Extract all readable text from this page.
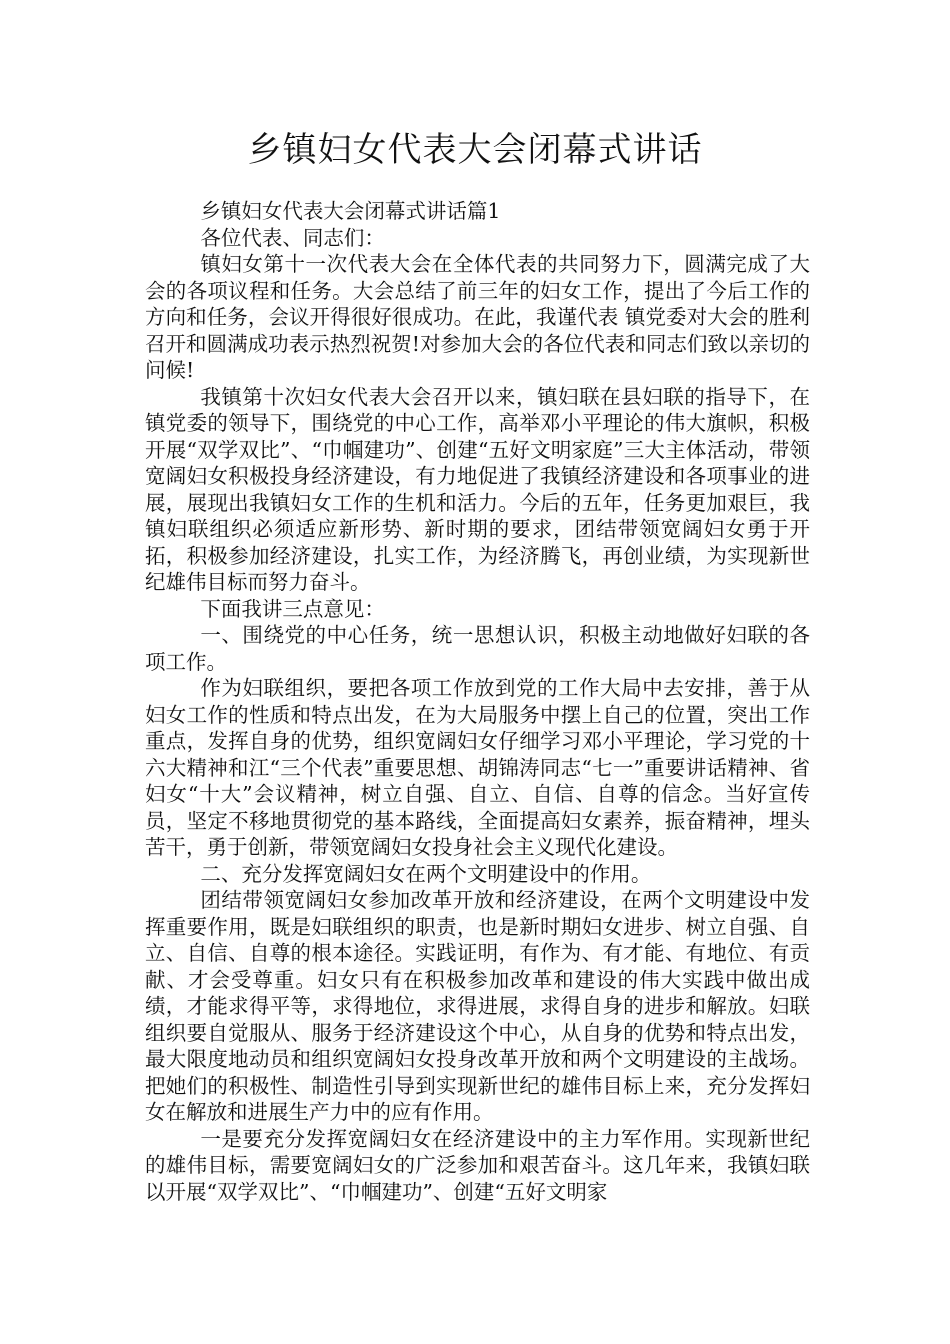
乡镇妇女代表大会闭幕式讲话

乡镇妇女代表大会闭幕式讲话篇1

各位代表、同志们：

镇妇女第十一次代表大会在全体代表的共同努力下，圆满完成了大会的各项议程和任务。大会总结了前三年的妇女工作，提出了今后工作的方向和任务，会议开得很好很成功。在此，我谨代表 镇党委对大会的胜利召开和圆满成功表示热烈祝贺!对参加大会的各位代表和同志们致以亲切的问候!

我镇第十次妇女代表大会召开以来，镇妇联在县妇联的指导下，在镇党委的领导下，围绕党的中心工作，高举邓小平理论的伟大旗帜，积极开展“双学双比”、“巾帼建功”、创建“五好文明家庭”三大主体活动，带领宽阔妇女积极投身经济建设，有力地促进了我镇经济建设和各项事业的进展，展现出我镇妇女工作的生机和活力。今后的五年，任务更加艰巨，我镇妇联组织必须适应新形势、新时期的要求，团结带领宽阔妇女勇于开拓，积极参加经济建设，扎实工作，为经济腾飞，再创业绩，为实现新世纪雄伟目标而努力奋斗。

下面我讲三点意见：

一、围绕党的中心任务，统一思想认识，积极主动地做好妇联的各项工作。

作为妇联组织，要把各项工作放到党的工作大局中去安排，善于从妇女工作的性质和特点出发，在为大局服务中摆上自己的位置，突出工作重点，发挥自身的优势，组织宽阔妇女仔细学习邓小平理论，学习党的十六大精神和江“三个代表”重要思想、胡锦涛同志“七一”重要讲话精神、省妇女“十大”会议精神，树立自强、自立、自信、自尊的信念。当好宣传员，坚定不移地贯彻党的基本路线，全面提高妇女素养，振奋精神，埋头苦干，勇于创新，带领宽阔妇女投身社会主义现代化建设。

二、充分发挥宽阔妇女在两个文明建设中的作用。

团结带领宽阔妇女参加改革开放和经济建设，在两个文明建设中发挥重要作用，既是妇联组织的职责，也是新时期妇女进步、树立自强、自立、自信、自尊的根本途径。实践证明，有作为、有才能、有地位、有贡献、才会受尊重。妇女只有在积极参加改革和建设的伟大实践中做出成绩，才能求得平等，求得地位，求得进展，求得自身的进步和解放。妇联组织要自觉服从、服务于经济建设这个中心，从自身的优势和特点出发，最大限度地动员和组织宽阔妇女投身改革开放和两个文明建设的主战场。把她们的积极性、制造性引导到实现新世纪的雄伟目标上来，充分发挥妇女在解放和进展生产力中的应有作用。

一是要充分发挥宽阔妇女在经济建设中的主力军作用。实现新世纪的雄伟目标，需要宽阔妇女的广泛参加和艰苦奋斗。这几年来，我镇妇联以开展“双学双比”、“巾帼建功”、创建“五好文明家
